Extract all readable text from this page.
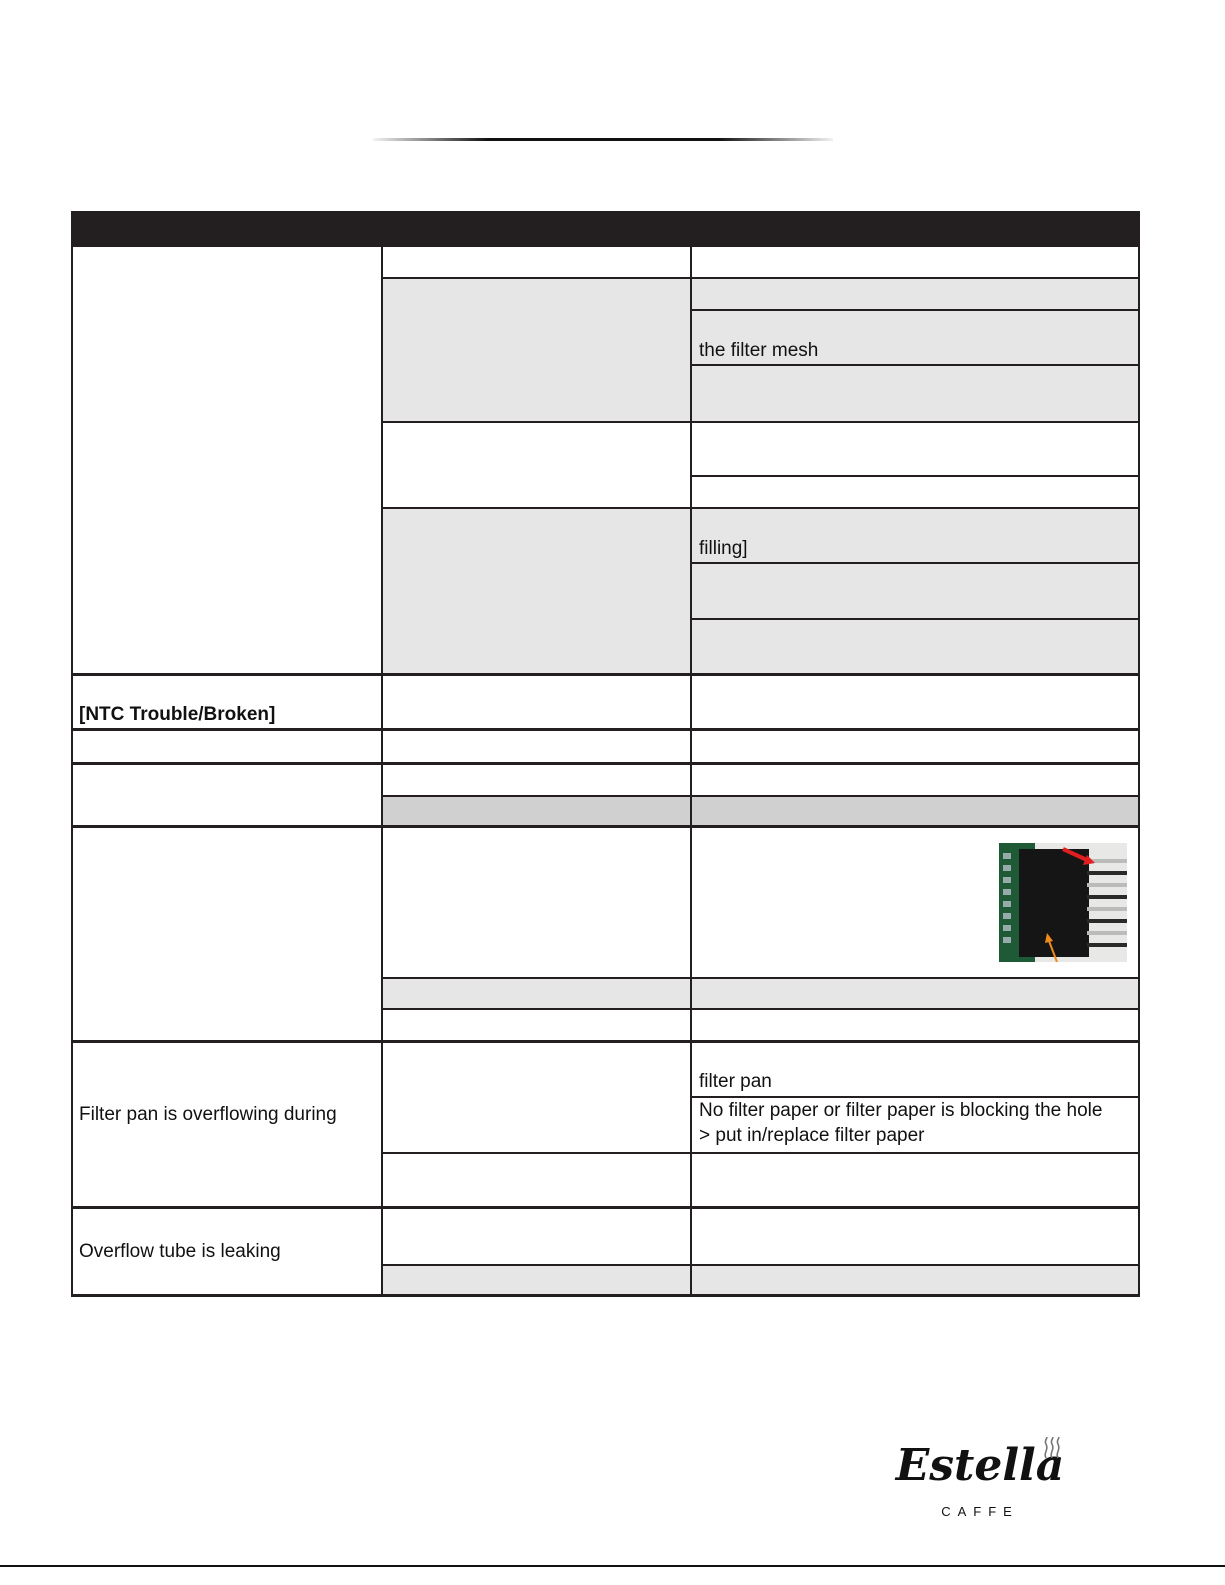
the filter mesh
filling]
[NTC Trouble/Broken]
Filter pan is overflowing during
filter pan
No filter paper or filter paper is blocking the hole
> put in/replace filter paper
Overflow tube is leaking
Estella
CAFFE
